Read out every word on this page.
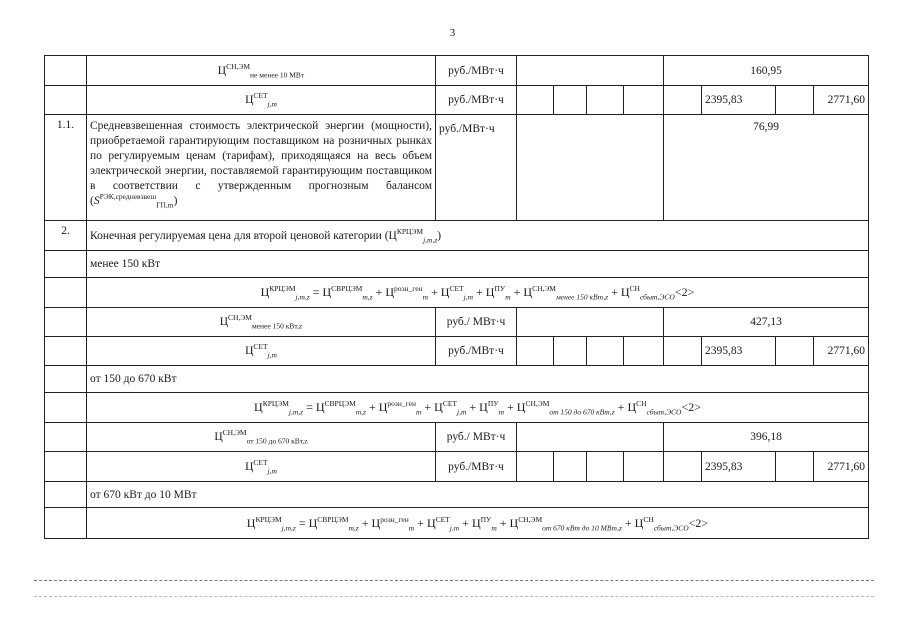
3
	$Ц^{СН,ЭМ}_{не менее 10 МВт}$	руб./МВт·ч					160,95			
	$Ц^{СЕТ}_{j,m}$	руб./МВт·ч						2395,83		2771,60
1.1.	Средневзвешенная стоимость электрической энергии (мощности), приобретаемой гарантирующим поставщиком на розничных рынках по регулируемым ценам (тарифам), приходящаяся на весь объем электрической энергии, поставляемой гарантирующим поставщиком в соответствии с утвержденным прогнозным балансом $(S^{РЭК,средневзвеш}_{ГП,m})$	руб./МВт·ч					76,99			
2.	Конечная регулируемая цена для второй ценовой категории $(Ц^{КРЦЭМ}_{j,m,z})$									
	менее 150 кВт									
	$Ц^{КРЦЭМ}_{j,m,z} = Ц^{СВРЦЭМ}_{m,z} + Ц^{розн\_ген}_m + Ц^{СЕТ}_{j,m} + Ц^{ПУ}_m + Ц^{СН,ЭМ}_{менее 150 кВт,z} + Ц^{СН}_{сбыт,ЭСО}<2>$									
	$Ц^{СН,ЭМ}_{менее 150 кВт,z}$	руб./ МВт·ч					427,13			
	$Ц^{СЕТ}_{j,m}$	руб./МВт·ч						2395,83		2771,60
	от 150 до 670 кВт									
	$Ц^{КРЦЭМ}_{j,m,z} = Ц^{СВРЦЭМ}_{m,z} + Ц^{розн\_ген}_m + Ц^{СЕТ}_{j,m} + Ц^{ПУ}_m + Ц^{СН,ЭМ}_{от 150 до 670 кВт,z} + Ц^{СН}_{сбыт,ЭСО}<2>$									
	$Ц^{СН,ЭМ}_{от 150 до 670 кВт,z}$	руб./ МВт·ч					396,18			
	$Ц^{СЕТ}_{j,m}$	руб./МВт·ч						2395,83		2771,60
	от 670 кВт до 10 МВт									
	$Ц^{КРЦЭМ}_{j,m,z} = Ц^{СВРЦЭМ}_{m,z} + Ц^{розн\_ген}_m + Ц^{СЕТ}_{j,m} + Ц^{ПУ}_m + Ц^{СН,ЭМ}_{от 670 кВт до 10 МВт,z} + Ц^{СН}_{сбыт,ЭСО}<2>$									
